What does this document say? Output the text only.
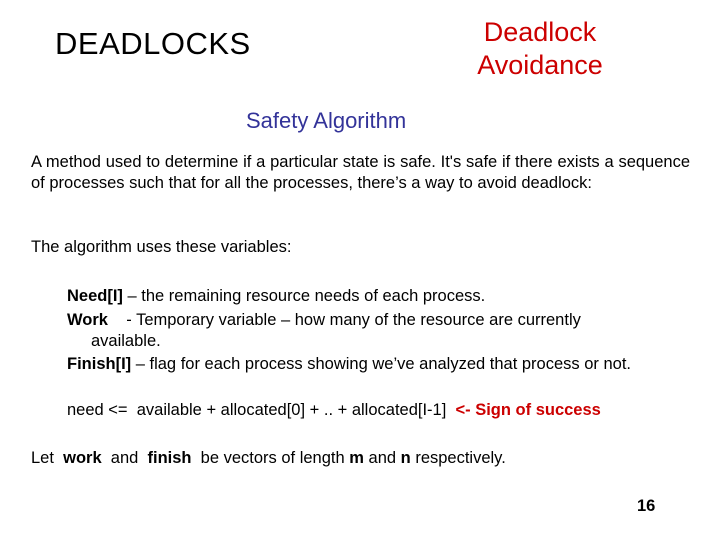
DEADLOCKS	Deadlock
Avoidance
Safety Algorithm
A method used to determine if a particular state is safe. It's safe if there exists a sequence of processes such that for all the processes, there’s a way to avoid deadlock:
The algorithm uses these variables:
Need[I] – the remaining resource needs of each process.
Work    - Temporary variable – how many of the resource are currently
available.
Finish[I] – flag for each process showing we’ve analyzed that process or not.
need <=  available + allocated[0] + .. + allocated[I-1]  <- Sign of success
Let  work  and  finish  be vectors of length m and n respectively.
16
